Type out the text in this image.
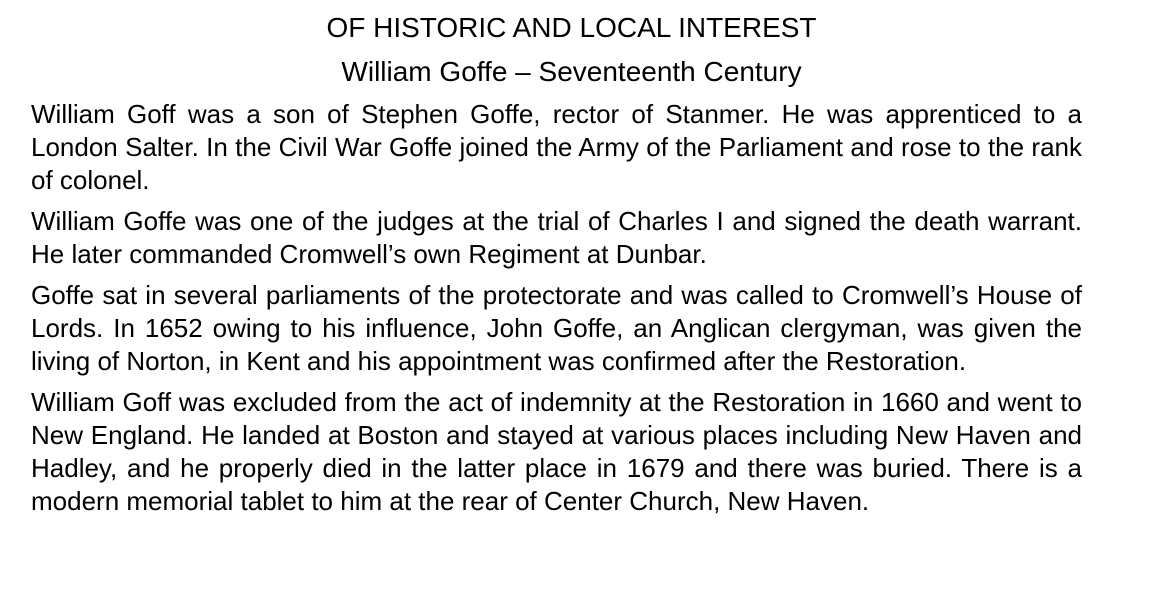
OF HISTORIC AND LOCAL INTEREST
William Goffe – Seventeenth Century

William Goff was a son of Stephen Goffe, rector of Stanmer. He was apprenticed to a London Salter. In the Civil War Goffe joined the Army of the Parliament and rose to the rank of colonel.

William Goffe was one of the judges at the trial of Charles I and signed the death warrant. He later commanded Cromwell’s own Regiment at Dunbar.

Goffe sat in several parliaments of the protectorate and was called to Cromwell’s House of Lords. In 1652 owing to his influence, John Goffe, an Anglican clergyman, was given the living of Norton, in Kent and his appointment was confirmed after the Restoration.

William Goff was excluded from the act of indemnity at the Restoration in 1660 and went to New England. He landed at Boston and stayed at various places including New Haven and Hadley, and he properly died in the latter place in 1679 and there was buried. There is a modern memorial tablet to him at the rear of Center Church, New Haven.
